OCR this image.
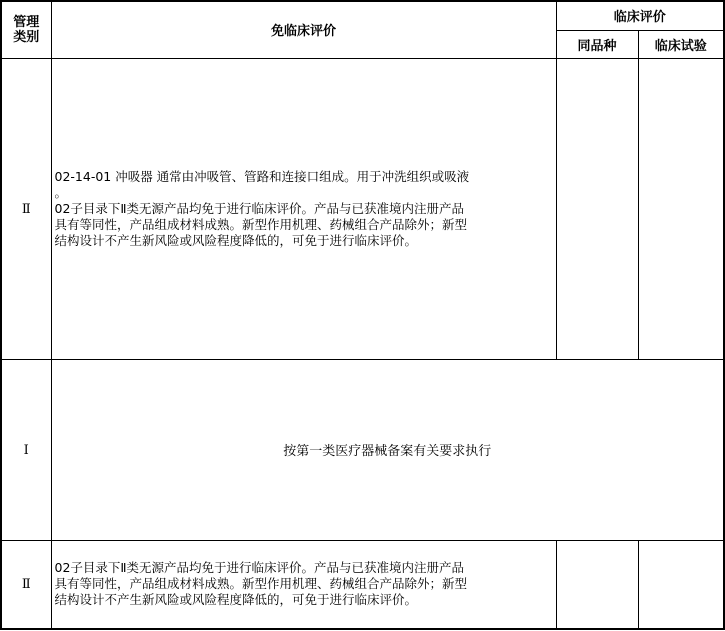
管理
类别	免临床评价	临床评价	
		同品种	临床试验
Ⅱ	02-14-01 冲吸器 通常由冲吸管、管路和连接口组成。用于冲洗组织或吸液

。

02子目录下Ⅱ类无源产品均免于进行临床评价。产品与已获准境内注册产品

具有等同性，产品组成材料成熟。新型作用机理、药械组合产品除外；新型

结构设计不产生新风险或风险程度降低的，可免于进行临床评价。		

Ⅰ	按第一类医疗器械备案有关要求执行		
Ⅱ	02子目录下Ⅱ类无源产品均免于进行临床评价。产品与已获准境内注册产品

具有等同性，产品组成材料成熟。新型作用机理、药械组合产品除外；新型

结构设计不产生新风险或风险程度降低的，可免于进行临床评价。		
